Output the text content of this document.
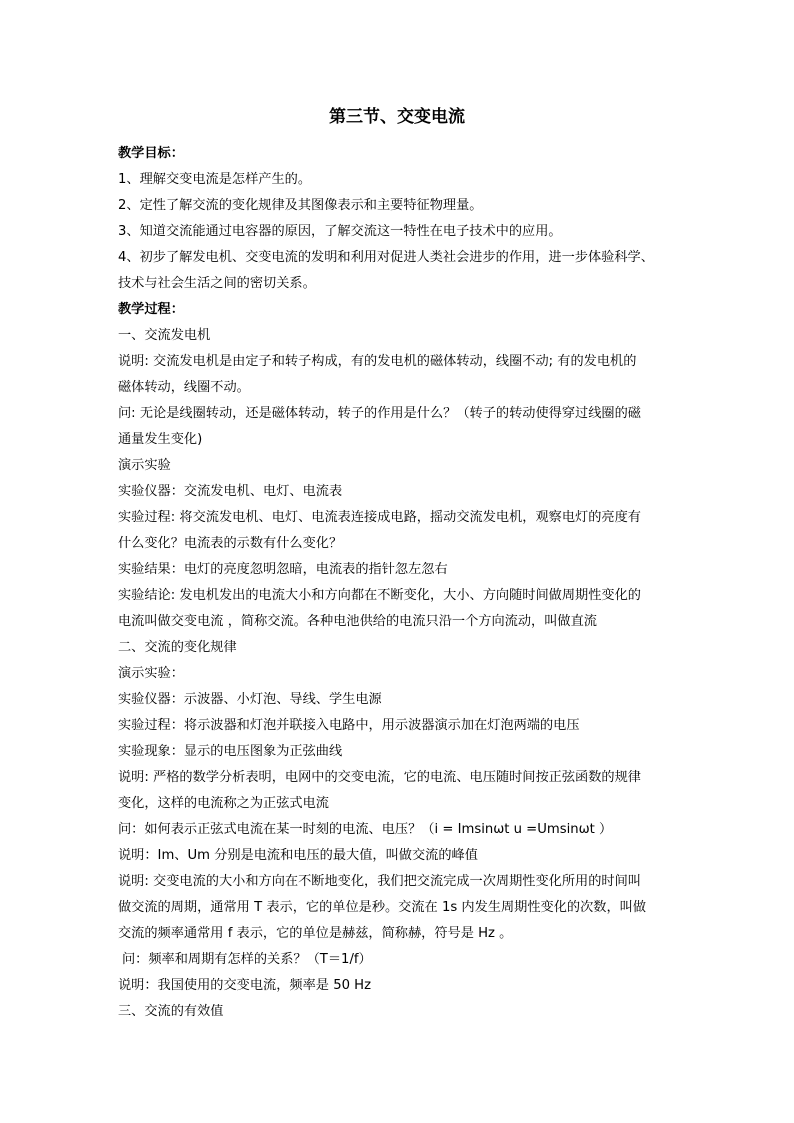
第三节、交变电流
教学目标：
1、理解交变电流是怎样产生的。
2、定性了解交流的变化规律及其图像表示和主要特征物理量。
3、知道交流能通过电容器的原因，了解交流这一特性在电子技术中的应用。
4、初步了解发电机、交变电流的发明和利用对促进人类社会进步的作用，进一步体验科学、
技术与社会生活之间的密切关系。
教学过程：
一、交流发电机
说明: 交流发电机是由定子和转子构成，有的发电机的磁体转动，线圈不动; 有的发电机的
磁体转动，线圈不动。
问: 无论是线圈转动，还是磁体转动，转子的作用是什么？（转子的转动使得穿过线圈的磁
通量发生变化)
演示实验
实验仪器：交流发电机、电灯、电流表
实验过程: 将交流发电机、电灯、电流表连接成电路，摇动交流发电机，观察电灯的亮度有
什么变化？电流表的示数有什么变化？
实验结果：电灯的亮度忽明忽暗，电流表的指针忽左忽右
实验结论: 发电机发出的电流大小和方向都在不断变化，大小、方向随时间做周期性变化的
电流叫做交变电流 ，简称交流。各种电池供给的电流只沿一个方向流动，叫做直流
二、交流的变化规律
演示实验：
实验仪器：示波器、小灯泡、导线、学生电源
实验过程：将示波器和灯泡并联接入电路中，用示波器演示加在灯泡两端的电压
实验现象：显示的电压图象为正弦曲线
说明: 严格的数学分析表明，电网中的交变电流，它的电流、电压随时间按正弦函数的规律
变化，这样的电流称之为正弦式电流
问：如何表示正弦式电流在某一时刻的电流、电压？（i = Imsinωt u =Umsinωt ）
说明：Im、Um 分别是电流和电压的最大值，叫做交流的峰值
说明: 交变电流的大小和方向在不断地变化，我们把交流完成一次周期性变化所用的时间叫
做交流的周期，通常用 T 表示，它的单位是秒。交流在 1s 内发生周期性变化的次数，叫做
交流的频率通常用 f 表示，它的单位是赫兹，简称赫，符号是 Hz 。
问：频率和周期有怎样的关系？（T＝1/f）
说明：我国使用的交变电流，频率是 50 Hz
三、交流的有效值
